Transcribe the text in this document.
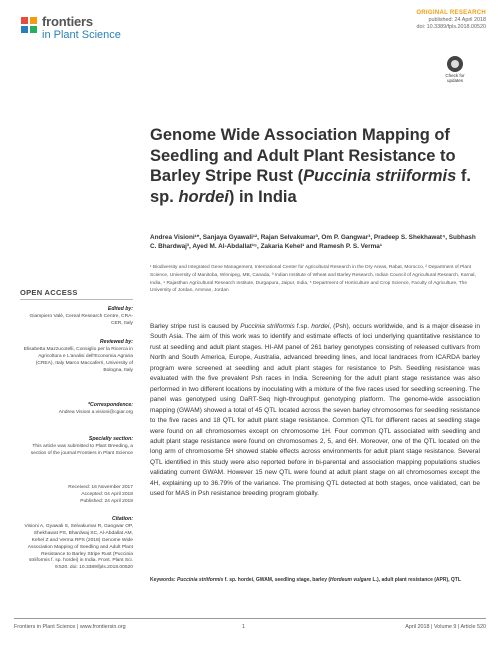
frontiers
in Plant Science
ORIGINAL RESEARCH
published: 24 April 2018
doi: 10.3389/fpls.2018.00520
Check for updates
Genome Wide Association Mapping of Seedling and Adult Plant Resistance to Barley Stripe Rust (Puccinia striiformis f. sp. hordei) in India
Andrea Visioni¹*, Sanjaya Gyawali¹², Rajan Selvakumar³, Om P. Gangwar³, Pradeep S. Shekhawat⁴, Subhash C. Bhardwaj³, Ayed M. Al-Abdallat¹⁵, Zakaria Kehel¹ and Ramesh P. S. Verma¹
¹ Biodiversity and Integrated Gene Management, International Center for Agricultural Research in the Dry Areas, Rabat, Morocco, ² Department of Plant Science, University of Manitoba, Winnipeg, MB, Canada, ³ Indian Institute of Wheat and Barley Research, Indian Council of Agricultural Research, Karnal, India, ⁴ Rajasthan Agricultural Research Institute, Durgapura, Jaipur, India, ⁵ Department of Horticulture and Crop Science, Faculty of Agriculture, The University of Jordan, Amman, Jordan
OPEN ACCESS
Edited by:
Giampiero Valè, Cereal Research Centre, CRA-CER, Italy
Reviewed by:
Elisabetta Mazzucotelli, Consiglio per la Ricerca in Agricoltura e L'analisi dell'Economia Agraria (CREA), Italy Marco Maccaferri, University of Bologna, Italy
*Correspondence:
Andrea Visioni a.visioni@cgiar.org
Specialty section:
This article was submitted to Plant Breeding, a section of the journal Frontiers in Plant Science
Received: 16 November 2017
Accepted: 04 April 2018
Published: 24 April 2018
Citation:
Visioni A, Gyawali S, Selvakumar R, Gangwar OP, Shekhawat PS, Bhardwaj SC, Al-Abdallat AM, Kehel Z and Verma RPS (2018) Genome Wide Association Mapping of Seedling and Adult Plant Resistance to Barley Stripe Rust (Puccinia striiformis f. sp. hordei) in India. Front. Plant Sci. 9:520. doi: 10.3389/fpls.2018.00520
Barley stripe rust is caused by Puccinia striiformis f.sp. hordei, (Psh), occurs worldwide, and is a major disease in South Asia. The aim of this work was to identify and estimate effects of loci underlying quantitative resistance to rust at seedling and adult plant stages. HI-AM panel of 261 barley genotypes consisting of released cultivars from North and South America, Europe, Australia, advanced breeding lines, and local landraces from ICARDA barley program were screened at seedling and adult plant stages for resistance to Psh. Seedling resistance was evaluated with the five prevalent Psh races in India. Screening for the adult plant stage resistance was also performed in two different locations by inoculating with a mixture of the five races used for seedling screening. The panel was genotyped using DaRT-Seq high-throughput genotyping platform. The genome-wide association mapping (GWAM) showed a total of 45 QTL located across the seven barley chromosomes for seedling resistance to the five races and 18 QTL for adult plant stage resistance. Common QTL for different races at seedling stage were found on all chromosomes except on chromosome 1H. Four common QTL associated with seedling and adult plant stage resistance were found on chromosomes 2, 5, and 6H. Moreover, one of the QTL located on the long arm of chromosome 5H showed stable effects across environments for adult plant stage resistance. Several QTL identified in this study were also reported before in bi-parental and association mapping populations studies validating current GWAM. However 15 new QTL were found at adult plant stage on all chromosomes except the 4H, explaining up to 36.79% of the variance. The promising QTL detected at both stages, once validated, can be used for MAS in Psh resistance breeding program globally.
Keywords: Puccinia striiformis f. sp. hordei, GWAM, seedling stage, barley (Hordeum vulgare L.), adult plant resistance (APR), QTL
Frontiers in Plant Science | www.frontiersin.org	1	April 2018 | Volume 9 | Article 520
